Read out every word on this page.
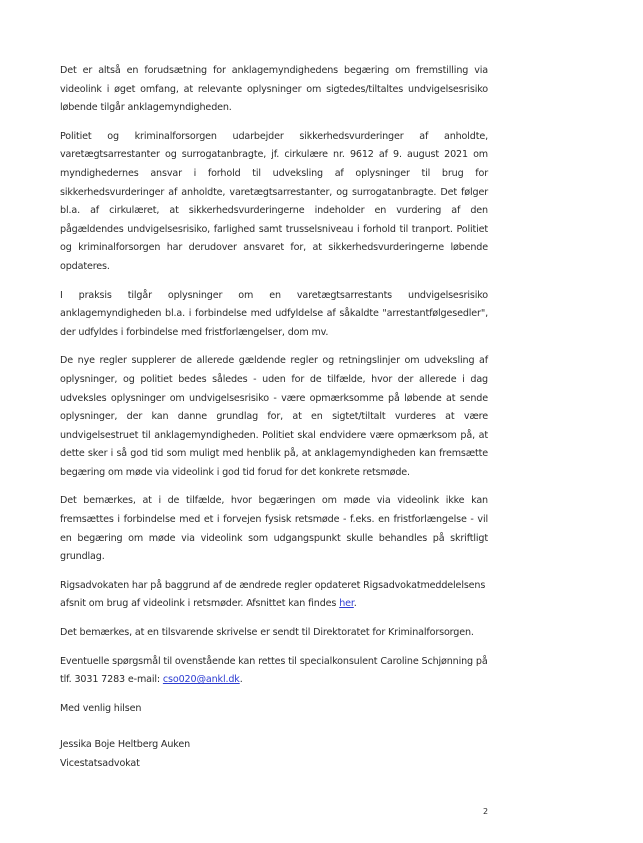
Det er altså en forudsætning for anklagemyndighedens begæring om fremstilling via videolink i øget omfang, at relevante oplysninger om sigtedes/tiltaltes undvigelsesrisiko løbende tilgår anklagemyndigheden.

Politiet og kriminalforsorgen udarbejder sikkerhedsvurderinger af anholdte, varetægtsarrestanter og surrogatanbragte, jf. cirkulære nr. 9612 af 9. august 2021 om myndighedernes ansvar i forhold til udveksling af oplysninger til brug for sikkerhedsvurderinger af anholdte, varetægtsarrestanter, og surrogatanbragte. Det følger bl.a. af cirkulæret, at sikkerhedsvurderingerne indeholder en vurdering af den pågældendes undvigelsesrisiko, farlighed samt trusselsniveau i forhold til tranport. Politiet og kriminalforsorgen har derudover ansvaret for, at sikkerhedsvurderingerne løbende opdateres.

I praksis tilgår oplysninger om en varetægtsarrestants undvigelsesrisiko anklagemyndigheden bl.a. i forbindelse med udfyldelse af såkaldte "arrestantfølgesedler", der udfyldes i forbindelse med fristforlængelser, dom mv.

De nye regler supplerer de allerede gældende regler og retningslinjer om udveksling af oplysninger, og politiet bedes således - uden for de tilfælde, hvor der allerede i dag udveksles oplysninger om undvigelsesrisiko - være opmærksomme på løbende at sende oplysninger, der kan danne grundlag for, at en sigtet/tiltalt vurderes at være undvigelsestruet til anklagemyndigheden. Politiet skal endvidere være opmærksom på, at dette sker i så god tid som muligt med henblik på, at anklagemyndigheden kan fremsætte begæring om møde via videolink i god tid forud for det konkrete retsmøde.

Det bemærkes, at i de tilfælde, hvor begæringen om møde via videolink ikke kan fremsættes i forbindelse med et i forvejen fysisk retsmøde - f.eks. en fristforlængelse - vil en begæring om møde via videolink som udgangspunkt skulle behandles på skriftligt grundlag.

Rigsadvokaten har på baggrund af de ændrede regler opdateret Rigsadvokatmeddelelsens afsnit om brug af videolink i retsmøder. Afsnittet kan findes her.

Det bemærkes, at en tilsvarende skrivelse er sendt til Direktoratet for Kriminalforsorgen.

Eventuelle spørgsmål til ovenstående kan rettes til specialkonsulent Caroline Schjønning på tlf. 3031 7283 e-mail: cso020@ankl.dk.

Med venlig hilsen

Jessika Boje Heltberg Auken

Vicestatsadvokat

2
